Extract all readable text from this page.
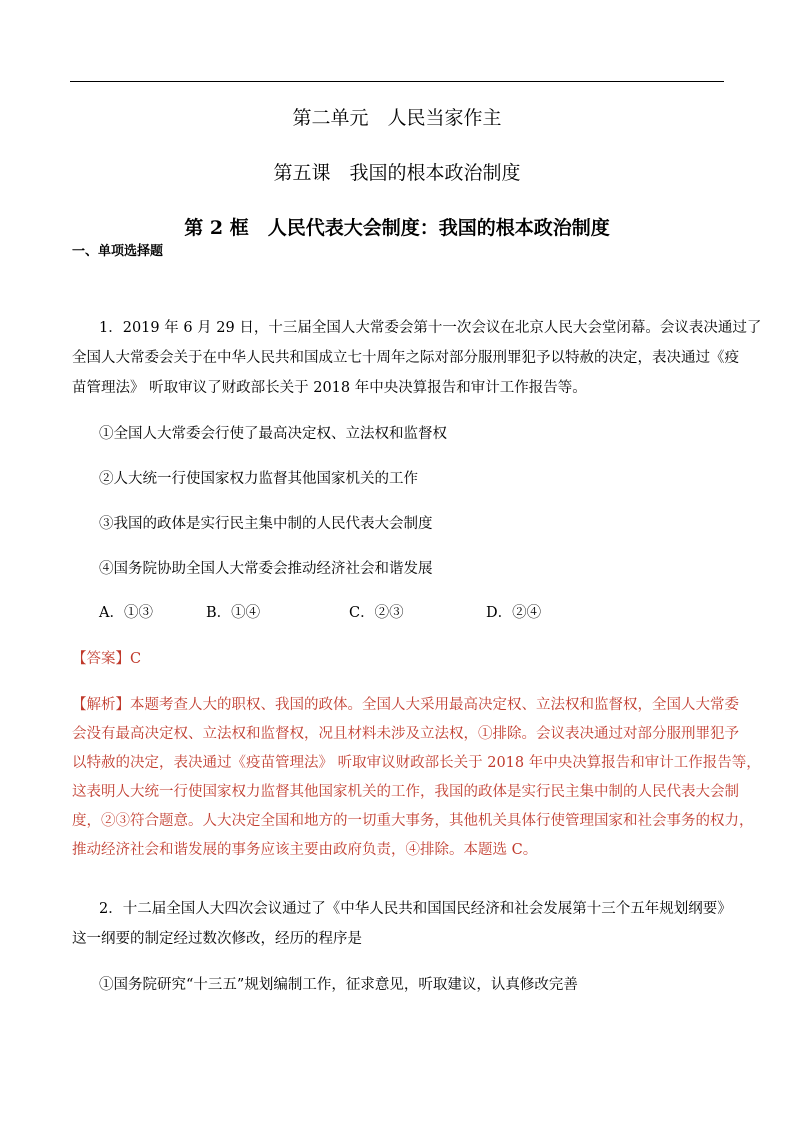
第二单元　人民当家作主
第五课　我国的根本政治制度
第 2 框　人民代表大会制度：我国的根本政治制度
一、单项选择题
1．2019 年 6 月 29 日，十三届全国人大常委会第十一次会议在北京人民大会堂闭幕。会议表决通过了
全国人大常委会关于在中华人民共和国成立七十周年之际对部分服刑罪犯予以特赦的决定，表决通过《疫
苗管理法》 听取审议了财政部长关于 2018 年中央决算报告和审计工作报告等。
①全国人大常委会行使了最高决定权、立法权和监督权
②人大统一行使国家权力监督其他国家机关的工作
③我国的政体是实行民主集中制的人民代表大会制度
④国务院协助全国人大常委会推动经济社会和谐发展
A．①③	B．①④	C．②③	D．②④
【答案】C
【解析】本题考查人大的职权、我国的政体。全国人大采用最高决定权、立法权和监督权，全国人大常委
会没有最高决定权、立法权和监督权，况且材料未涉及立法权，①排除。会议表决通过对部分服刑罪犯予
以特赦的决定，表决通过《疫苗管理法》 听取审议财政部长关于 2018 年中央决算报告和审计工作报告等，
这表明人大统一行使国家权力监督其他国家机关的工作，我国的政体是实行民主集中制的人民代表大会制
度，②③符合题意。人大决定全国和地方的一切重大事务，其他机关具体行使管理国家和社会事务的权力，
推动经济社会和谐发展的事务应该主要由政府负责，④排除。本题选 C。
2．十二届全国人大四次会议通过了《中华人民共和国国民经济和社会发展第十三个五年规划纲要》
这一纲要的制定经过数次修改，经历的程序是
①国务院研究“十三五”规划编制工作，征求意见，听取建议，认真修改完善
